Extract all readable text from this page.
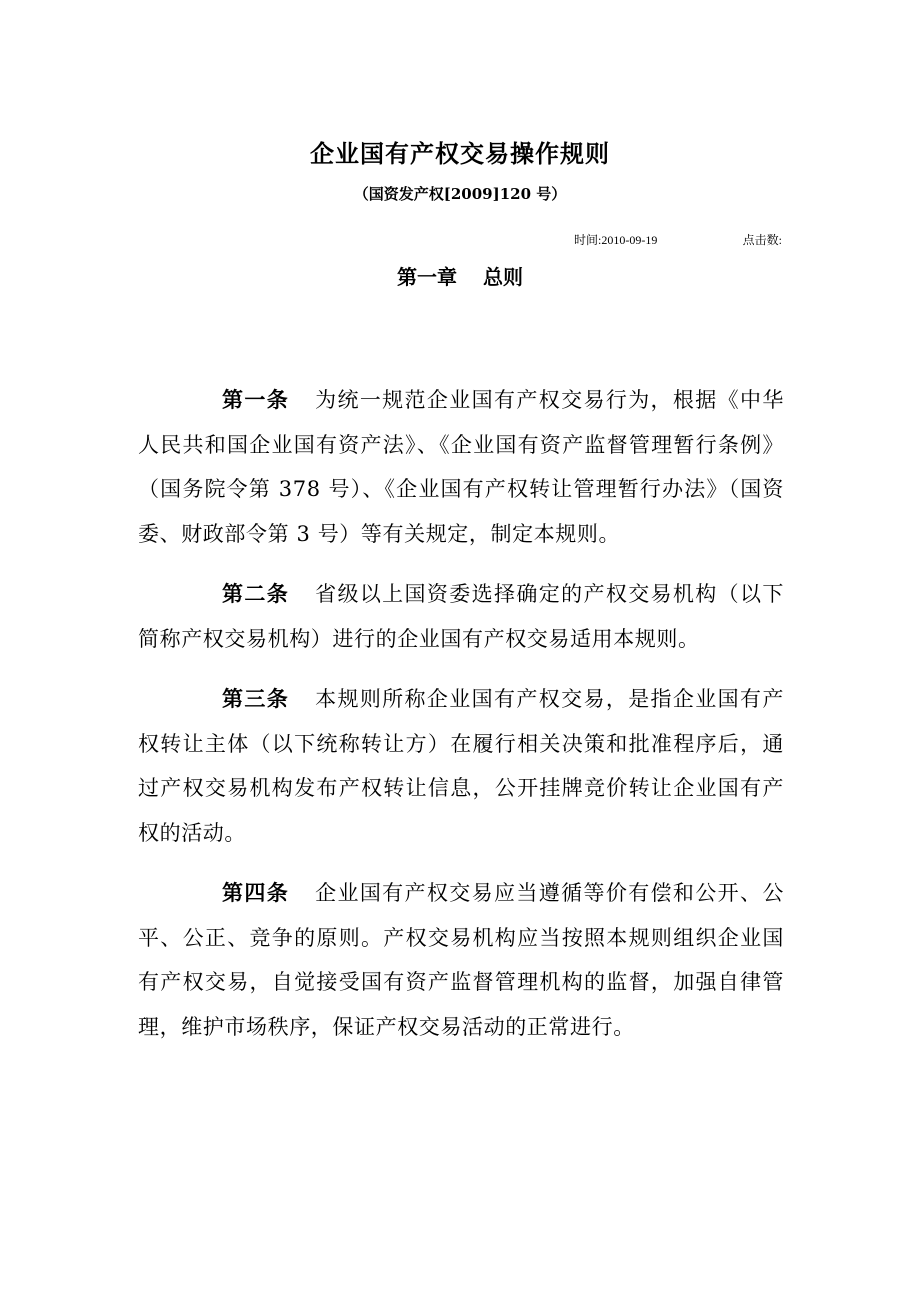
企业国有产权交易操作规则
（国资发产权[2009]120 号）
时间:2010-09-19	点击数:
第一章 总则

第一条 为统一规范企业国有产权交易行为，根据《中华人民共和国企业国有资产法》、《企业国有资产监督管理暂行条例》（国务院令第 378 号）、《企业国有产权转让管理暂行办法》（国资委、财政部令第 3 号）等有关规定，制定本规则。

第二条 省级以上国资委选择确定的产权交易机构（以下简称产权交易机构）进行的企业国有产权交易适用本规则。

第三条 本规则所称企业国有产权交易，是指企业国有产权转让主体（以下统称转让方）在履行相关决策和批准程序后，通过产权交易机构发布产权转让信息，公开挂牌竞价转让企业国有产权的活动。

第四条 企业国有产权交易应当遵循等价有偿和公开、公平、公正、竞争的原则。产权交易机构应当按照本规则组织企业国有产权交易，自觉接受国有资产监督管理机构的监督，加强自律管理，维护市场秩序，保证产权交易活动的正常进行。
